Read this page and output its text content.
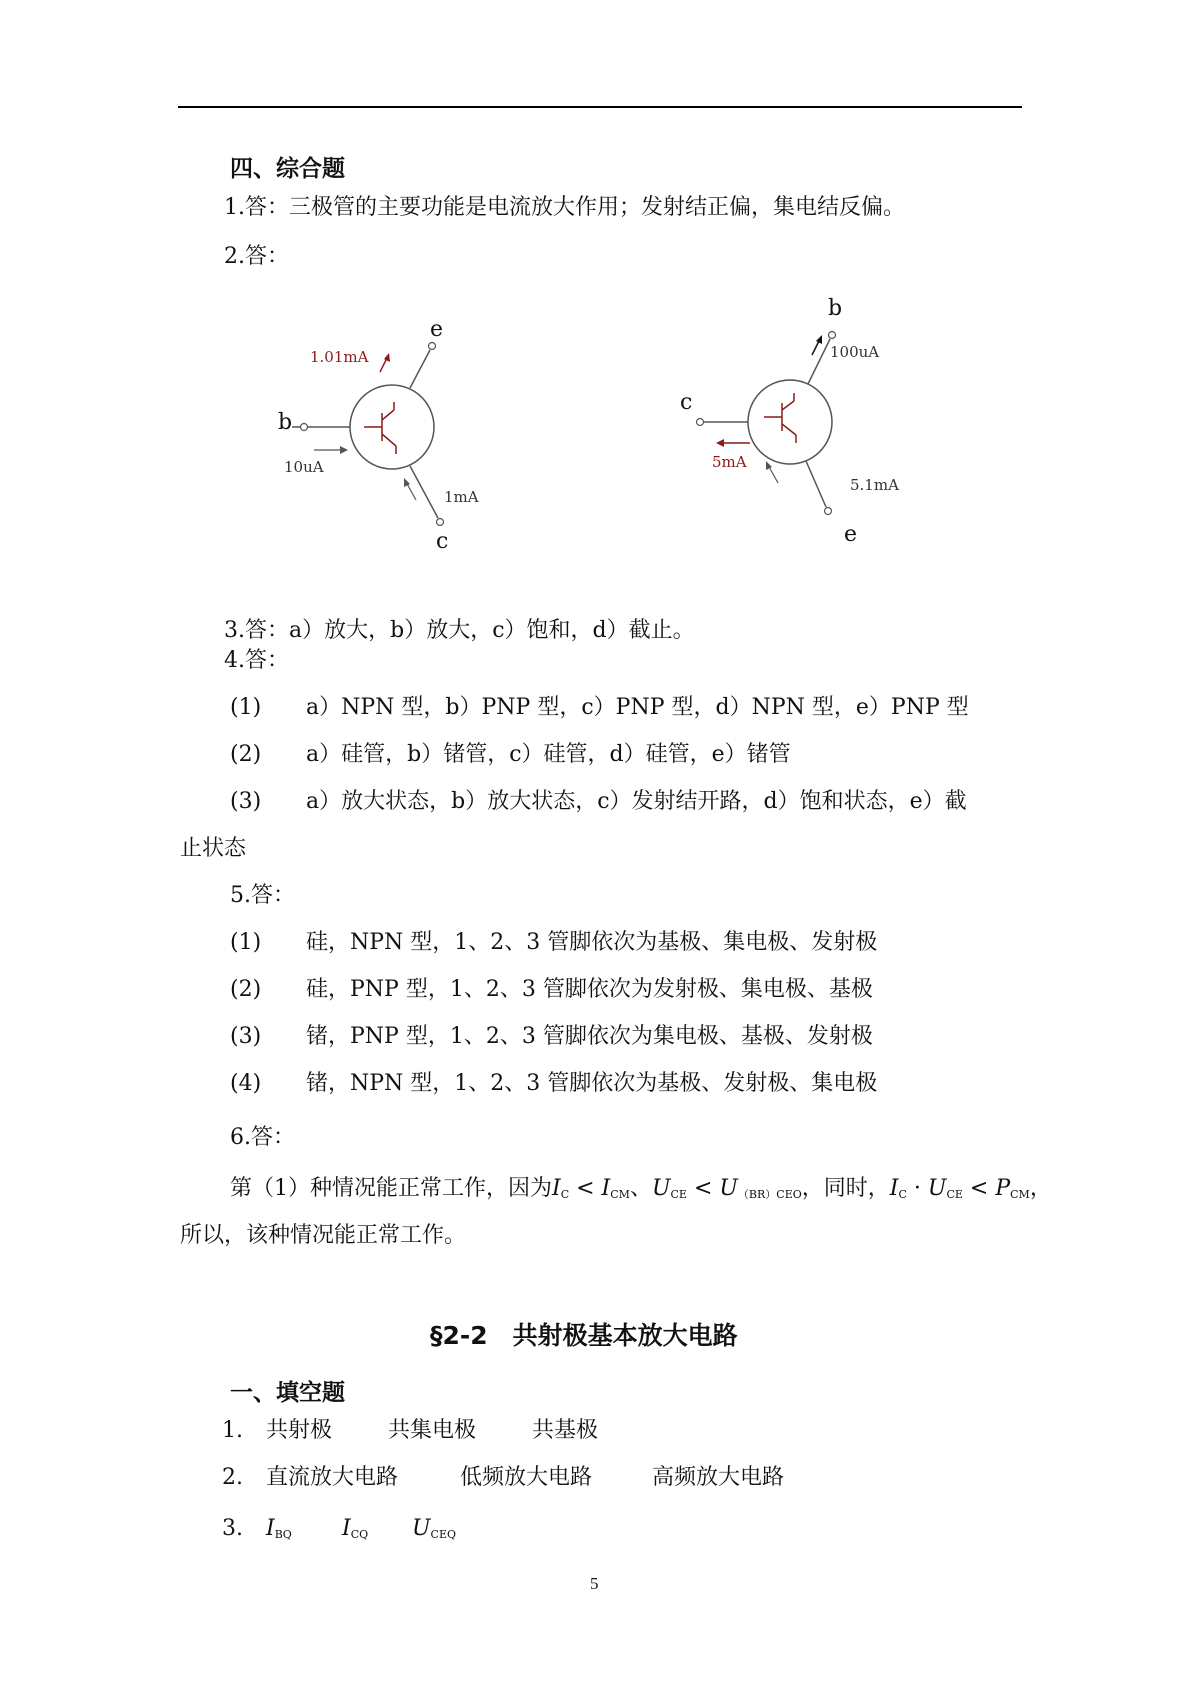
四、综合题
1.答：三极管的主要功能是电流放大作用；发射结正偏，集电结反偏。
2.答：
e
b
c
1.01mA
10uA
1mA
b
c
e
100uA
5mA
5.1mA
3.答：a）放大，b）放大，c）饱和，d）截止。
4.答：
(1) a）NPN 型，b）PNP 型，c）PNP 型，d）NPN 型，e）PNP 型
(2) a）硅管，b）锗管，c）硅管，d）硅管，e）锗管
(3) a）放大状态，b）放大状态，c）发射结开路，d）饱和状态，e）截
止状态
5.答：
(1) 硅，NPN 型，1、2、3 管脚依次为基极、集电极、发射极
(2) 硅，PNP 型，1、2、3 管脚依次为发射极、集电极、基极
(3) 锗，PNP 型，1、2、3 管脚依次为集电极、基极、发射极
(4) 锗，NPN 型，1、2、3 管脚依次为基极、发射极、集电极
6.答：
第（1）种情况能正常工作，因为$I_C < I_{CM}$、$U_{CE} < U_{(BR)CEO}$，同时，$I_C \cdot U_{CE} < P_{CM}$，
所以，该种情况能正常工作。
§2-2　共射极基本放大电路
一、填空题
1. 共射极	共集电极	共基极
2. 直流放大电路	低频放大电路	高频放大电路
3. $I_{BQ}$ $I_{CQ}$ $U_{CEQ}$
5
